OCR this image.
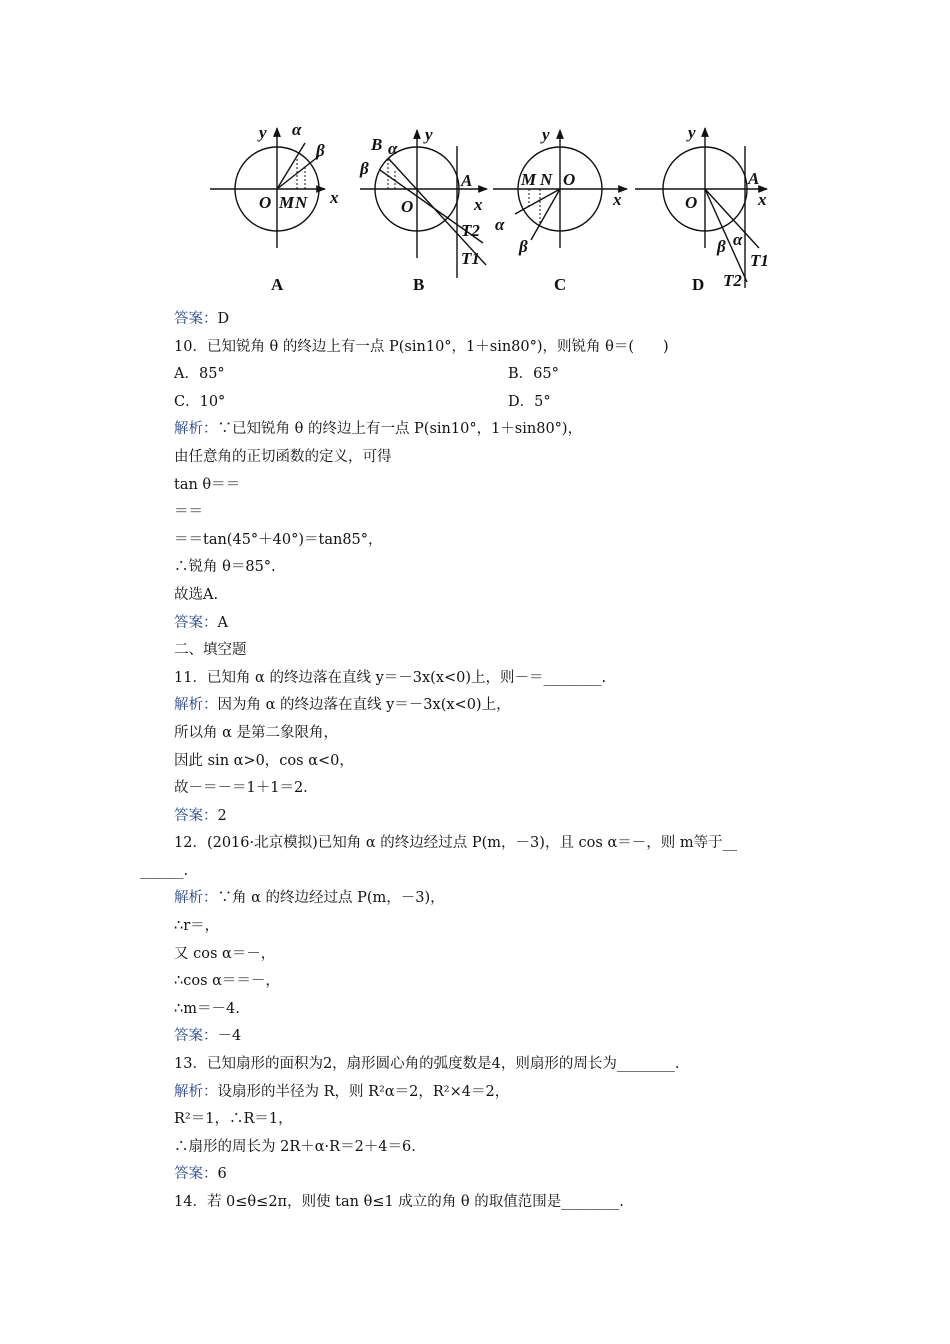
y α
β
O M N x
A
y
B α
β
A
O	x
T2
T1
B
y
M N O
x
α
β
C
y
A
O	x
β α
T1
T2
D
答案：D
10．已知锐角 θ 的终边上有一点 P(sin10°，1＋sin80°)，则锐角 θ＝(　　)
A．85°	B．65°
C．10°	D．5°
解析：∵已知锐角 θ 的终边上有一点 P(sin10°，1＋sin80°)，
由任意角的正切函数的定义，可得
tan θ＝＝
＝＝
＝＝tan(45°＋40°)＝tan85°，
∴锐角 θ＝85°.
故选A.
答案：A
二、填空题
11．已知角 α 的终边落在直线 y＝－3x(x<0)上，则－＝________.
解析：因为角 α 的终边落在直线 y＝－3x(x<0)上，
所以角 α 是第二象限角，
因此 sin α>0，cos α<0，
故－＝－＝1＋1＝2.
答案：2
12．(2016·北京模拟)已知角 α 的终边经过点 P(m，－3)，且 cos α＝－，则 m等于__
______.
解析：∵角 α 的终边经过点 P(m，－3)，
∴r＝，
又 cos α＝－，
∴cos α＝＝－，
∴m＝－4.
答案：－4
13．已知扇形的面积为2，扇形圆心角的弧度数是4，则扇形的周长为________.
解析：设扇形的半径为 R，则 R²α＝2，R²×4＝2，
R²＝1，∴R＝1，
∴扇形的周长为 2R＋α·R＝2＋4＝6.
答案：6
14．若 0≤θ≤2π，则使 tan θ≤1 成立的角 θ 的取值范围是________.
